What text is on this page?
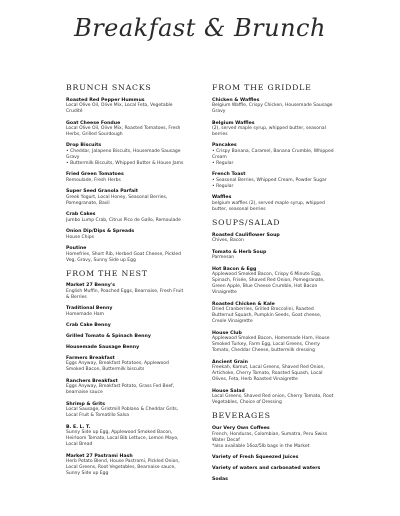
Breakfast & Brunch
BRUNCH SNACKS
Roasted Red Pepper Hummus
Local Olive Oil, Olive Mix, Local Feta, Vegetable
Crudité
Goat Cheese Fondue
Local Olive Oil, Olive Mix, Roasted Tomatoes, Fresh
Herbs, Grilled Sourdough
Drop Biscuits
• Cheddar, Jalapeno Biscuits, Housemade Sausage
Gravy
• Buttermilk Biscuits, Whipped Butter & House Jams
Fried Green Tomatoes
Remoulade, Fresh Herbs
Super Seed Granola Parfait
Greek Yogurt, Local Honey, Seasonal Berries,
Pomegranate, Basil
Crab Cakes
Jumbo Lump Crab, Citrus Pico de Gallo, Remoulade
Onion Dip/Dips & Spreads
House Chips
Poutine
Homefries, Short Rib, Herbed Goat Cheese, Pickled
Veg, Gravy, Sunny Side up Egg
FROM THE NEST
Market 27 Benny's
English Muffin, Poached Eggs, Bearnaise, Fresh Fruit
& Berries
Traditional Benny
Homemade Ham
Crab Cake Benny
Grilled Tomato & Spinach Benny
Housemade Sausage Benny
Farmers Breakfast
Eggs Anyway, Breakfast Potatoes, Applewood
Smoked Bacon, Buttermilk biscuits
Ranchers Breakfast
Eggs Anyway, Breakfast Potato, Grass Fed Beef,
bearnaise sauce
Shrimp & Grits
Local Sausage, Gristmill Poblano & Cheddar Grits,
Local Fruit & Tomatillo Salsa
B. E. L. T.
Sunny Side up Egg, Applewood Smoked Bacon,
Heirloom Tomato, Local Bib Lettuce, Lemon Mayo,
Local Bread
Market 27 Pastrami Hash
Herb Potato Blend, House Pastrami, Pickled Onion,
Local Greens, Root Vegetables, Bearnaise sauce,
Sunny Side up Egg
FROM THE GRIDDLE
Chicken & Waffles
Belgium Waffle, Crispy Chicken, Housemade Sausage
Gravy
Belgium Waffles
(2), served maple syrup, whipped butter, seasonal
berries
Pancakes
• Crispy Banana, Caramel, Banana Crumble, Whipped
Cream
• Regular
French Toast
• Seasonal Berries, Whipped Cream, Powder Sugar
• Regular
Waffles
belgium waffles (2), served maple syrup, whipped
butter, seasonal berries
SOUPS/SALAD
Roasted Cauliflower Soup
Chives, Bacon
Tomato & Herb Soup
Parmesan
Hot Bacon & Egg
Applewood Smoked Bacon, Crispy 6 Minute Egg,
Spinach, Frisée, Shaved Red Onion, Pomegranate,
Green Apple, Blue Cheese Crumble, Hot Bacon
Vinaigrette
Roasted Chicken & Kale
Dried Cranberries, Grilled Broccolini, Roasted
Butternut Squash, Pumpkin Seeds, Goat cheese,
Creole Vinaigrette
House Club
Applewood Smoked Bacon, Homemade Ham, House
Smoked Turkey, Farm Egg, Local Greens, Cherry
Tomato, Cheddar Cheese, buttermilk dressing
Ancient Grain
Freekah, Kamut, Local Greens, Shaved Red Onion,
Artichoke, Cherry Tomato, Roasted Squash, Local
Olives, Feta, Herb Roasted Vinaigrette
House Salad
Local Greens, Shaved Red onion, Cherry Tomato, Root
Vegetables, Choice of Dressing
BEVERAGES
Our Very Own Coffees
French, Honduras, Colombian, Sumatra, Peru Swiss
Water Decaf
*also available 16oz/5lb bags in the Market
Variety of Fresh Squeezed Juices
Variety of waters and carbonated waters
Sodas
